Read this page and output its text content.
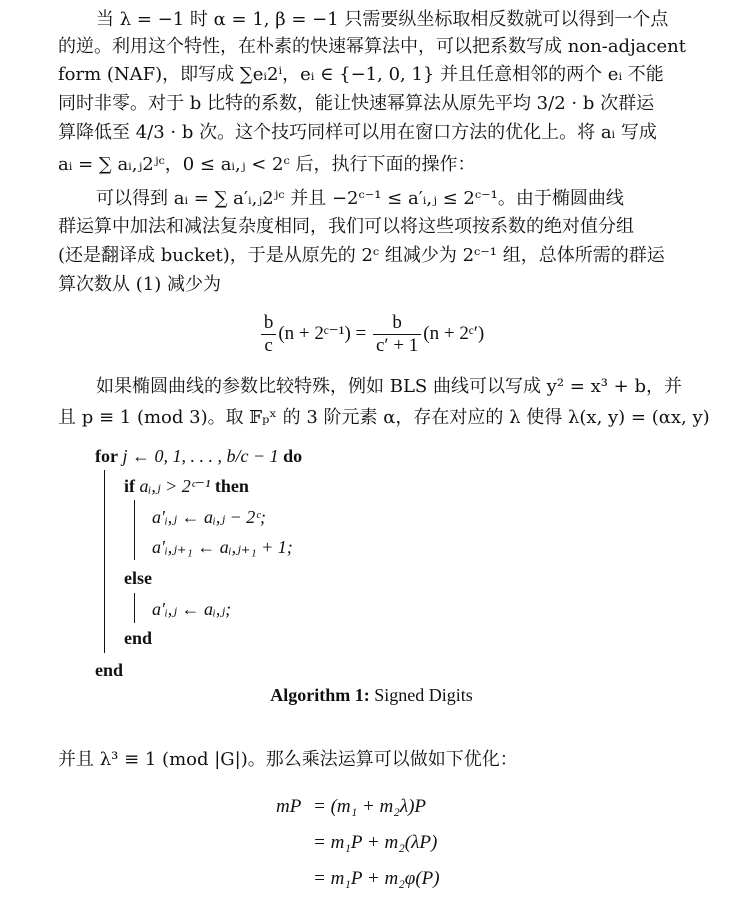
当 λ = −1 时 α = 1, β = −1 只需要纵坐标取相反数就可以得到一个点
的逆。利用这个特性，在朴素的快速幂算法中，可以把系数写成 non-adjacent
form (NAF)，即写成 ∑eᵢ2ⁱ，eᵢ ∈ {−1, 0, 1} 并且任意相邻的两个 eᵢ 不能
同时非零。对于 b 比特的系数，能让快速幂算法从原先平均 3/2 · b 次群运
算降低至 4/3 · b 次。这个技巧同样可以用在窗口方法的优化上。将 aᵢ 写成
aᵢ = ∑ aᵢ,ⱼ2ʲᶜ，0 ≤ aᵢ,ⱼ < 2ᶜ 后，执行下面的操作：
可以得到 aᵢ = ∑ a′ᵢ,ⱼ2ʲᶜ 并且 −2ᶜ⁻¹ ≤ a′ᵢ,ⱼ ≤ 2ᶜ⁻¹。由于椭圆曲线
群运算中加法和减法复杂度相同，我们可以将这些项按系数的绝对值分组
(还是翻译成 bucket)，于是从原先的 2ᶜ 组减少为 2ᶜ⁻¹ 组，总体所需的群运
算次数从 (1) 减少为
$\frac{b}{c} (n$ + 2ᶜ⁻¹) = $\frac{b}{c' + 1} (n$ + 2ᶜ′)
如果椭圆曲线的参数比较特殊，例如 BLS 曲线可以写成 y² = x³ + b，并
且 p ≡ 1 (mod 3)。取 𝔽ₚˣ 的 3 阶元素 α，存在对应的 λ 使得 λ(x, y) = (αx, y)
for j ← 0, 1, . . . , b/c − 1 do
if aᵢ,ⱼ > 2ᶜ⁻¹ then
a′ᵢ,ⱼ ← aᵢ,ⱼ − 2ᶜ;
a′ᵢ,ⱼ₊₁ ← aᵢ,ⱼ₊₁ + 1;
else
a′ᵢ,ⱼ ← aᵢ,ⱼ;
end
end
Algorithm 1: Signed Digits
并且 λ³ ≡ 1 (mod |G|)。那么乘法运算可以做如下优化：
mP = (m₁ + m₂λ)P
= m₁P + m₂(λP)
= m₁P + m₂φ(P)
